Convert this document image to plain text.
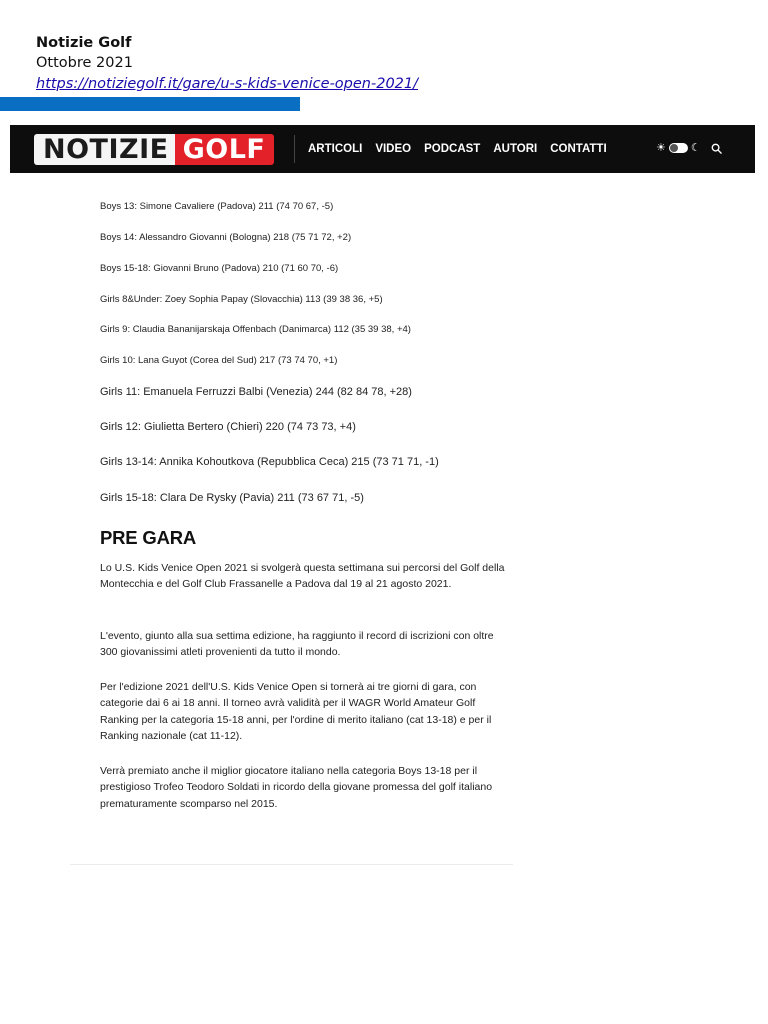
Notizie Golf
Ottobre 2021
https://notiziegolf.it/gare/u-s-kids-venice-open-2021/
NOTIZIE GOLF	ARTICOLI VIDEO PODCAST AUTORI CONTATTI	☀ ☾
Boys 13: Simone Cavaliere (Padova) 211 (74 70 67, -5)
Boys 14: Alessandro Giovanni (Bologna) 218 (75 71 72, +2)
Boys 15-18: Giovanni Bruno (Padova) 210 (71 60 70, -6)
Girls 8&Under: Zoey Sophia Papay (Slovacchia) 113 (39 38 36, +5)
Girls 9: Claudia Bananijarskaja Offenbach (Danimarca) 112 (35 39 38, +4)
Girls 10: Lana Guyot (Corea del Sud) 217 (73 74 70, +1)
Girls 11: Emanuela Ferruzzi Balbi (Venezia) 244 (82 84 78, +28)
Girls 12: Giulietta Bertero (Chieri) 220 (74 73 73, +4)
Girls 13-14: Annika Kohoutkova (Repubblica Ceca) 215 (73 71 71, -1)
Girls 15-18: Clara De Rysky (Pavia) 211 (73 67 71, -5)
PRE GARA

Lo U.S. Kids Venice Open 2021 si svolgerà questa settimana sui percorsi del Golf della Montecchia e del Golf Club Frassanelle a Padova dal 19 al 21 agosto 2021.

L'evento, giunto alla sua settima edizione, ha raggiunto il record di iscrizioni con oltre 300 giovanissimi atleti provenienti da tutto il mondo.

Per l'edizione 2021 dell'U.S. Kids Venice Open si tornerà ai tre giorni di gara, con categorie dai 6 ai 18 anni. Il torneo avrà validità per il WAGR World Amateur Golf Ranking per la categoria 15-18 anni, per l'ordine di merito italiano (cat 13-18) e per il Ranking nazionale (cat 11-12).

Verrà premiato anche il miglior giocatore italiano nella categoria Boys 13-18 per il prestigioso Trofeo Teodoro Soldati in ricordo della giovane promessa del golf italiano prematuramente scomparso nel 2015.
